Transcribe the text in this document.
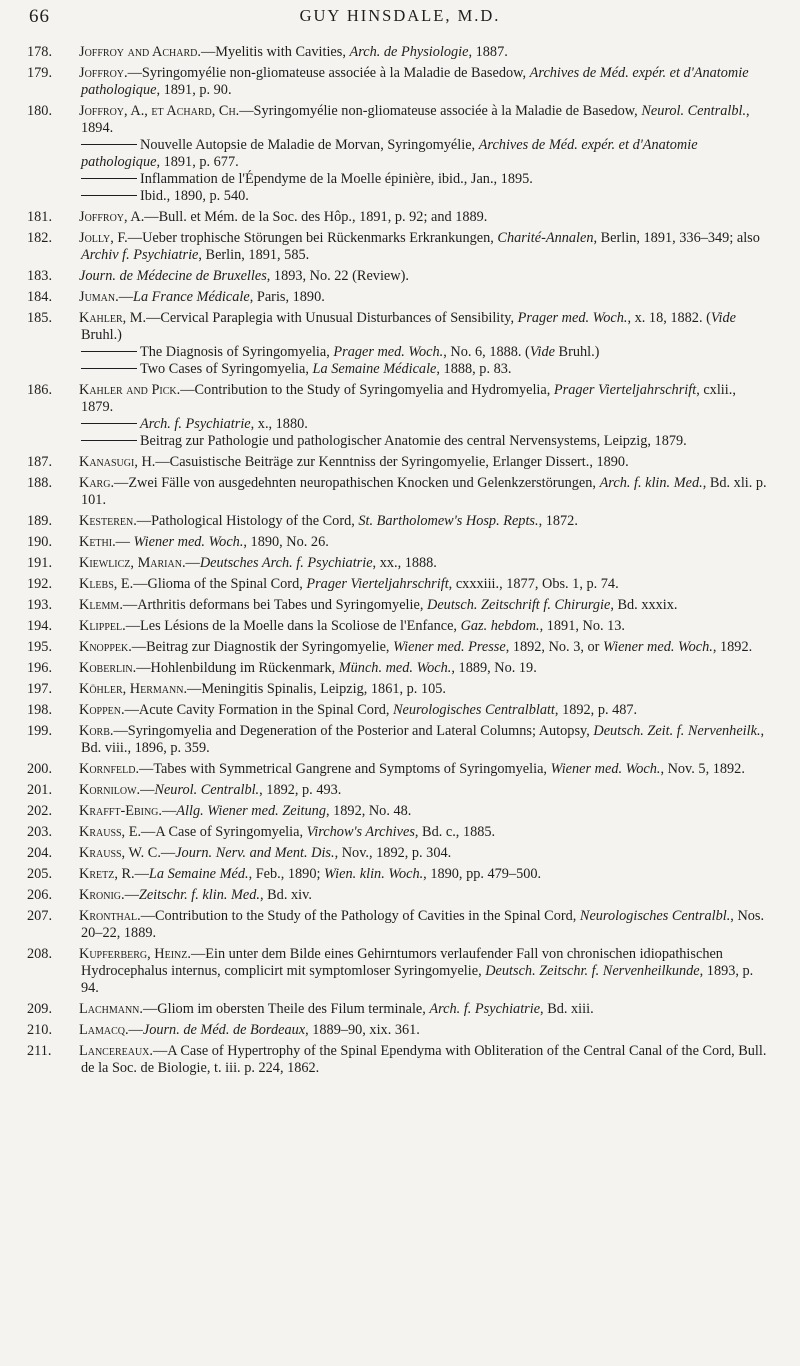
66	GUY HINSDALE, M.D.
178.	Joffroy and Achard.—Myelitis with Cavities, Arch. de Physiologie, 1887.
179.	Joffroy.—Syringomyélie non-gliomateuse associée à la Maladie de Basedow, Archives de Méd. expér. et d'Anatomie pathologique, 1891, p. 90.
180.	Joffroy, A., et Achard, Ch.—Syringomyélie non-gliomateuse associée à la Maladie de Basedow, Neurol. Centralbl., 1894.
Nouvelle Autopsie de Maladie de Morvan, Syringomyélie, Archives de Méd. expér. et d'Anatomie pathologique, 1891, p. 677.
Inflammation de l'Épendyme de la Moelle épinière, ibid., Jan., 1895.
Ibid., 1890, p. 540.
181.	Joffroy, A.—Bull. et Mém. de la Soc. des Hôp., 1891, p. 92; and 1889.
182.	Jolly, F.—Ueber trophische Störungen bei Rückenmarks Erkrankungen, Charité-Annalen, Berlin, 1891, 336–349; also Archiv f. Psychiatrie, Berlin, 1891, 585.
183.	Journ. de Médecine de Bruxelles, 1893, No. 22 (Review).
184.	Juman.—La France Médicale, Paris, 1890.
185.	Kahler, M.—Cervical Paraplegia with Unusual Disturbances of Sensibility, Prager med. Woch., x. 18, 1882. (Vide Bruhl.)
The Diagnosis of Syringomyelia, Prager med. Woch., No. 6, 1888. (Vide Bruhl.)
Two Cases of Syringomyelia, La Semaine Médicale, 1888, p. 83.
186.	Kahler and Pick.—Contribution to the Study of Syringomyelia and Hydromyelia, Prager Vierteljahrschrift, cxlii., 1879.
Arch. f. Psychiatrie, x., 1880.
Beitrag zur Pathologie und pathologischer Anatomie des central Nervensystems, Leipzig, 1879.
187.	Kanasugi, H.—Casuistische Beiträge zur Kenntniss der Syringomyelie, Erlanger Dissert., 1890.
188.	Karg.—Zwei Fälle von ausgedehnten neuropathischen Knocken und Gelenkzerstörungen, Arch. f. klin. Med., Bd. xli. p. 101.
189.	Kesteren.—Pathological Histology of the Cord, St. Bartholomew's Hosp. Repts., 1872.
190.	Kethi.— Wiener med. Woch., 1890, No. 26.
191.	Kiewlicz, Marian.—Deutsches Arch. f. Psychiatrie, xx., 1888.
192.	Klebs, E.—Glioma of the Spinal Cord, Prager Vierteljahrschrift, cxxxiii., 1877, Obs. 1, p. 74.
193.	Klemm.—Arthritis deformans bei Tabes und Syringomyelie, Deutsch. Zeitschrift f. Chirurgie, Bd. xxxix.
194.	Klippel.—Les Lésions de la Moelle dans la Scoliose de l'Enfance, Gaz. hebdom., 1891, No. 13.
195.	Knoppek.—Beitrag zur Diagnostik der Syringomyelie, Wiener med. Presse, 1892, No. 3, or Wiener med. Woch., 1892.
196.	Koberlin.—Hohlenbildung im Rückenmark, Münch. med. Woch., 1889, No. 19.
197.	Köhler, Hermann.—Meningitis Spinalis, Leipzig, 1861, p. 105.
198.	Koppen.—Acute Cavity Formation in the Spinal Cord, Neurologisches Centralblatt, 1892, p. 487.
199.	Korb.—Syringomyelia and Degeneration of the Posterior and Lateral Columns; Autopsy, Deutsch. Zeit. f. Nervenheilk., Bd. viii., 1896, p. 359.
200.	Kornfeld.—Tabes with Symmetrical Gangrene and Symptoms of Syringomyelia, Wiener med. Woch., Nov. 5, 1892.
201.	Kornilow.—Neurol. Centralbl., 1892, p. 493.
202.	Krafft-Ebing.—Allg. Wiener med. Zeitung, 1892, No. 48.
203.	Krauss, E.—A Case of Syringomyelia, Virchow's Archives, Bd. c., 1885.
204.	Krauss, W. C.—Journ. Nerv. and Ment. Dis., Nov., 1892, p. 304.
205.	Kretz, R.—La Semaine Méd., Feb., 1890; Wien. klin. Woch., 1890, pp. 479–500.
206.	Kronig.—Zeitschr. f. klin. Med., Bd. xiv.
207.	Kronthal.—Contribution to the Study of the Pathology of Cavities in the Spinal Cord, Neurologisches Centralbl., Nos. 20–22, 1889.
208.	Kupferberg, Heinz.—Ein unter dem Bilde eines Gehirntumors verlaufender Fall von chronischen idiopathischen Hydrocephalus internus, complicirt mit symptomloser Syringomyelie, Deutsch. Zeitschr. f. Nervenheilkunde, 1893, p. 94.
209.	Lachmann.—Gliom im obersten Theile des Filum terminale, Arch. f. Psychiatrie, Bd. xiii.
210.	Lamacq.—Journ. de Méd. de Bordeaux, 1889–90, xix. 361.
211.	Lancereaux.—A Case of Hypertrophy of the Spinal Ependyma with Obliteration of the Central Canal of the Cord, Bull. de la Soc. de Biologie, t. iii. p. 224, 1862.
